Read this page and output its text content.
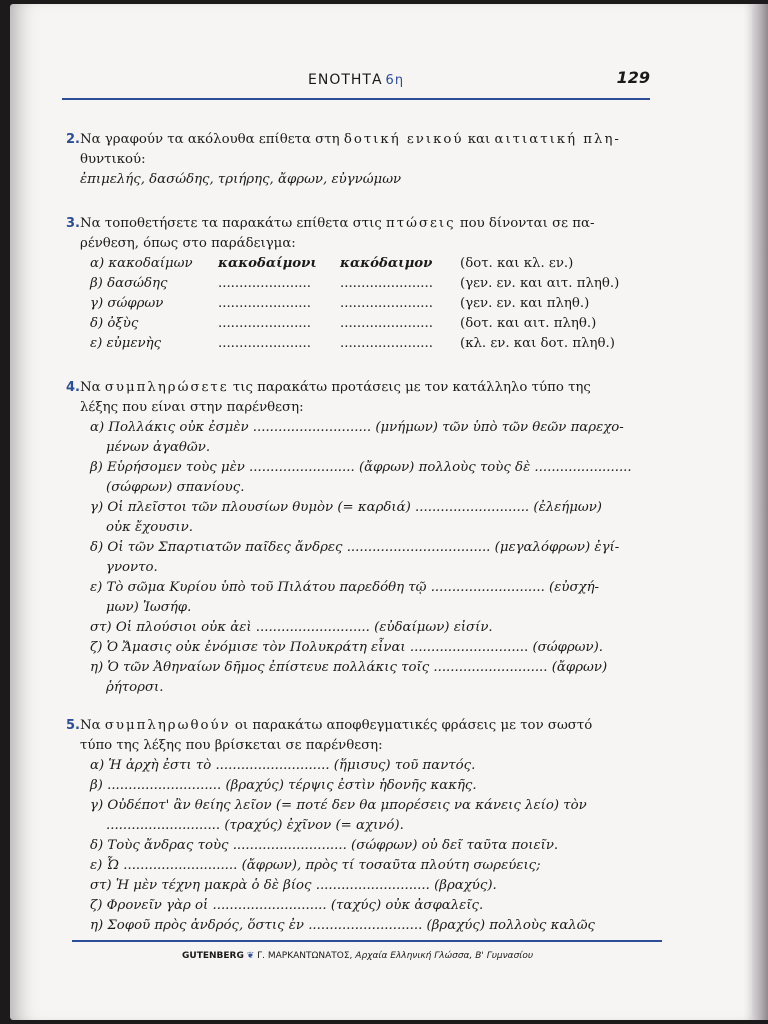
ΕΝΟΤΗΤΑ 6η	129
2. Να γραφούν τα ακόλουθα επίθετα στη δοτική ενικού και αιτιατική πλη-
θυντικού:
ἐπιμελής, δασώδης, τριήρης, ἄφρων, εὐγνώμων
3. Να τοποθετήσετε τα παρακάτω επίθετα στις πτώσεις που δίνονται σε πα-
ρένθεση, όπως στο παράδειγμα:
α) κακοδαίμων	κακοδαίμονι	κακόδαιμον	(δοτ. και κλ. εν.)
β) δασώδης	......................	......................	(γεν. εν. και αιτ. πληθ.)
γ) σώφρων	......................	......................	(γεν. εν. και πληθ.)
δ) ὀξὺς	......................	......................	(δοτ. και αιτ. πληθ.)
ε) εὐμενὴς	......................	......................	(κλ. εν. και δοτ. πληθ.)
4. Να συμπληρώσετε τις παρακάτω προτάσεις με τον κατάλληλο τύπο της
λέξης που είναι στην παρένθεση:
α) Πολλάκις οὐκ ἐσμὲν ............................ (μνήμων) τῶν ὑπὸ τῶν θεῶν παρεχο-
μένων ἀγαθῶν.
β) Εὑρήσομεν τοὺς μὲν ......................... (ἄφρων) πολλοὺς τοὺς δὲ .......................
(σώφρων) σπανίους.
γ) Οἱ πλεῖστοι τῶν πλουσίων θυμὸν (= καρδιά) ........................... (ἐλεήμων)
οὐκ ἔχουσιν.
δ) Οἱ τῶν Σπαρτιατῶν παῖδες ἄνδρες .................................. (μεγαλόφρων) ἐγί-
γνοντο.
ε) Τὸ σῶμα Κυρίου ὑπὸ τοῦ Πιλάτου παρεδόθη τῷ ........................... (εὐσχή-
μων) Ἰωσήφ.
στ) Οἱ πλούσιοι οὐκ ἀεὶ ........................... (εὐδαίμων) εἰσίν.
ζ) Ὁ Ἄμασις οὐκ ἐνόμισε τὸν Πολυκράτη εἶναι ............................ (σώφρων).
η) Ὁ τῶν Ἀθηναίων δῆμος ἐπίστευε πολλάκις τοῖς ........................... (ἄφρων)
ῥήτορσι.
5. Να συμπληρωθούν οι παρακάτω αποφθεγματικές φράσεις με τον σωστό
τύπο της λέξης που βρίσκεται σε παρένθεση:
α) Ἡ ἀρχὴ ἐστι τὸ ........................... (ἥμισυς) τοῦ παντός.
β) ........................... (βραχύς) τέρψις ἐστὶν ἡδονῆς κακῆς.
γ) Οὐδέποτ' ἂν θείης λεῖον (= ποτέ δεν θα μπορέσεις να κάνεις λείο) τὸν
........................... (τραχύς) ἐχῖνον (= αχινό).
δ) Τοὺς ἄνδρας τοὺς ........................... (σώφρων) οὐ δεῖ ταῦτα ποιεῖν.
ε) Ὦ ........................... (ἄφρων), πρὸς τί τοσαῦτα πλούτη σωρεύεις;
στ) Ἡ μὲν τέχνη μακρὰ ὁ δὲ βίος ........................... (βραχύς).
ζ) Φρονεῖν γὰρ οἱ ........................... (ταχύς) οὐκ ἀσφαλεῖς.
η) Σοφοῦ πρὸς ἀνδρός, ὅστις ἐν ........................... (βραχύς) πολλοὺς καλῶς
GUTENBERG ❦ Γ. ΜΑΡΚΑΝΤΩΝΑΤΟΣ, Αρχαία Ελληνική Γλώσσα, Β' Γυμνασίου
